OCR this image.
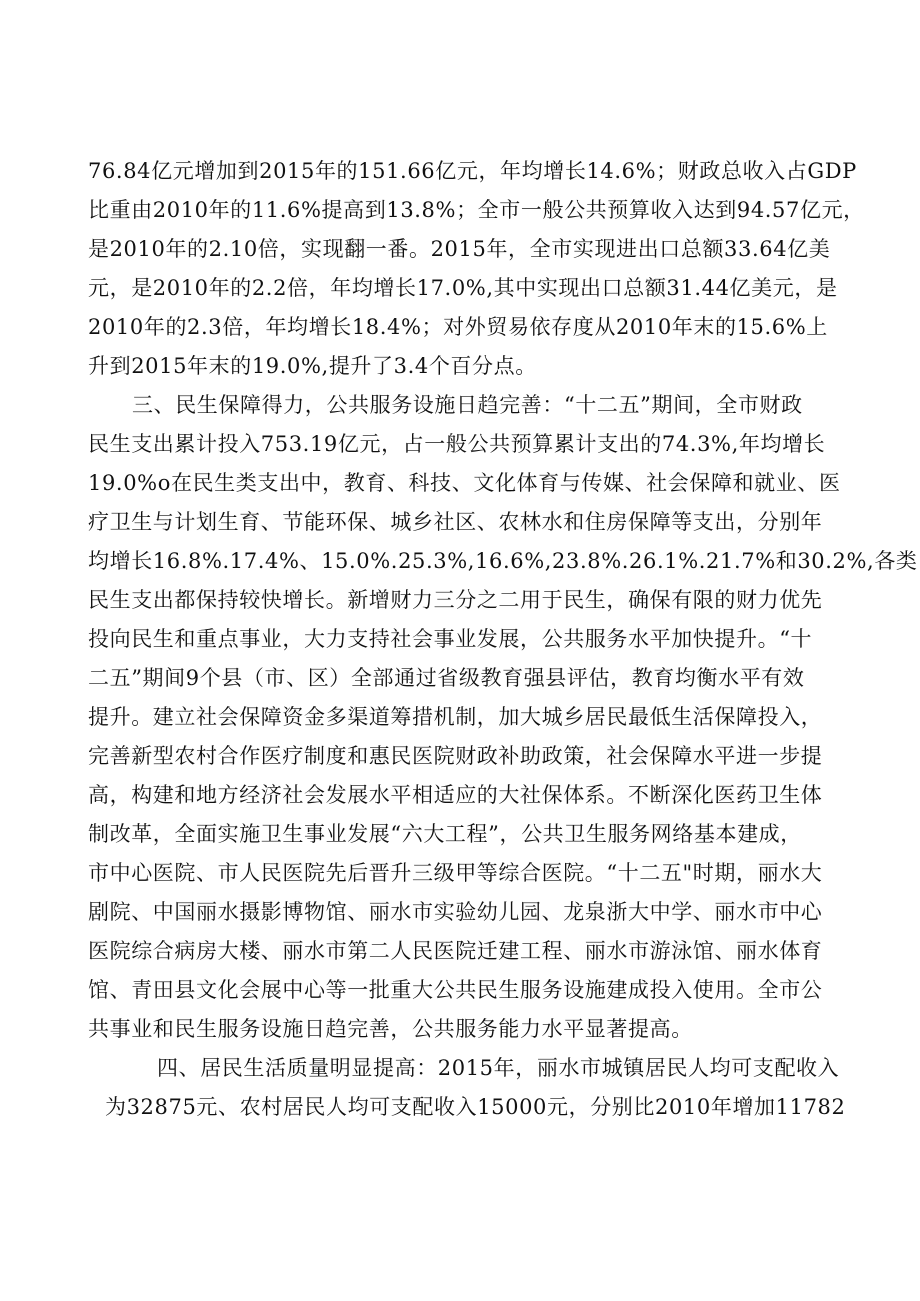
76.84亿元增加到2015年的151.66亿元，年均增长14.6%；财政总收入占GDP
比重由2010年的11.6%提高到13.8%；全市一般公共预算收入达到94.57亿元，
是2010年的2.10倍，实现翻一番。2015年，全市实现进出口总额33.64亿美
元，是2010年的2.2倍，年均增长17.0%,其中实现出口总额31.44亿美元，是
2010年的2.3倍，年均增长18.4%；对外贸易依存度从2010年末的15.6%上
升到2015年末的19.0%,提升了3.4个百分点。
三、民生保障得力，公共服务设施日趋完善：“十二五”期间，全市财政
民生支出累计投入753.19亿元，占一般公共预算累计支出的74.3%,年均增长
19.0%o在民生类支出中，教育、科技、文化体育与传媒、社会保障和就业、医
疗卫生与计划生育、节能环保、城乡社区、农林水和住房保障等支出，分别年
均增长16.8%.17.4%、15.0%.25.3%,16.6%,23.8%.26.1%.21.7%和30.2%,各类
民生支出都保持较快增长。新增财力三分之二用于民生，确保有限的财力优先
投向民生和重点事业，大力支持社会事业发展，公共服务水平加快提升。“十
二五”期间9个县（市、区）全部通过省级教育强县评估，教育均衡水平有效
提升。建立社会保障资金多渠道筹措机制，加大城乡居民最低生活保障投入，
完善新型农村合作医疗制度和惠民医院财政补助政策，社会保障水平进一步提
高，构建和地方经济社会发展水平相适应的大社保体系。不断深化医药卫生体
制改革，全面实施卫生事业发展“六大工程”，公共卫生服务网络基本建成，
市中心医院、市人民医院先后晋升三级甲等综合医院。“十二五"时期，丽水大
剧院、中国丽水摄影博物馆、丽水市实验幼儿园、龙泉浙大中学、丽水市中心
医院综合病房大楼、丽水市第二人民医院迁建工程、丽水市游泳馆、丽水体育
馆、青田县文化会展中心等一批重大公共民生服务设施建成投入使用。全市公
共事业和民生服务设施日趋完善，公共服务能力水平显著提高。
四、居民生活质量明显提高：2015年，丽水市城镇居民人均可支配收入
为32875元、农村居民人均可支配收入15000元，分别比2010年增加11782
